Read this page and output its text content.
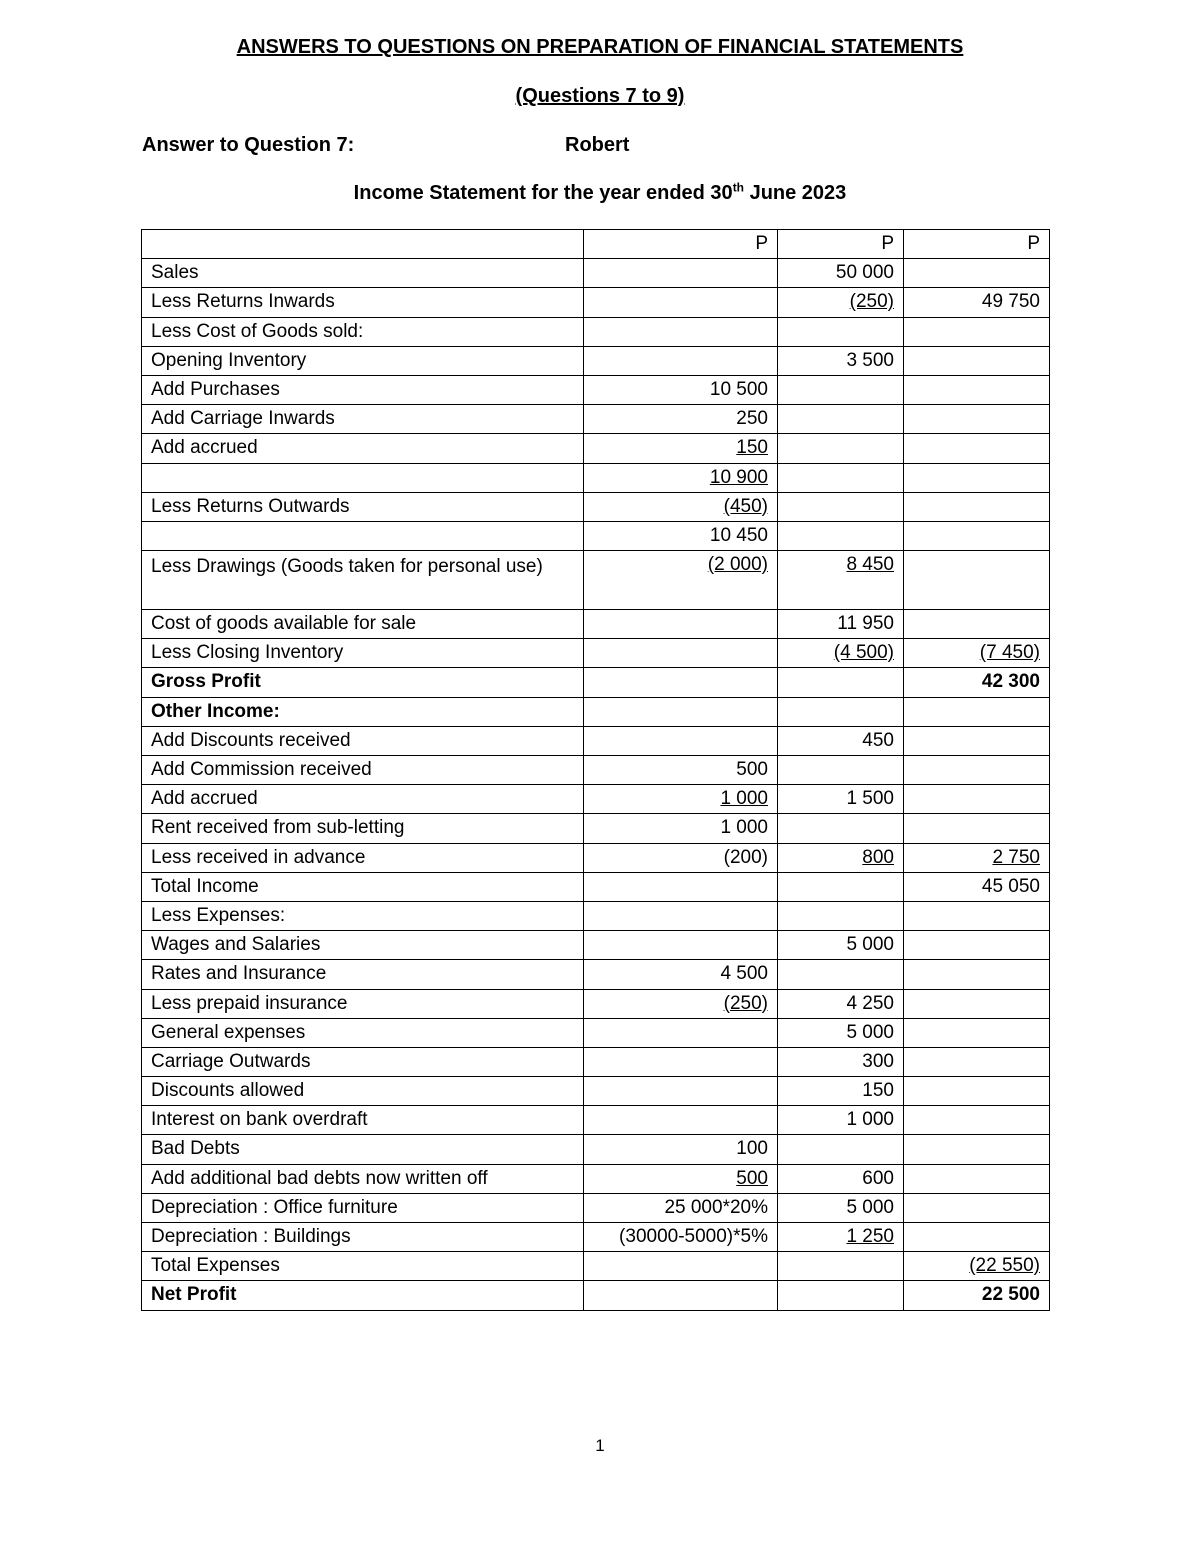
ANSWERS TO QUESTIONS ON PREPARATION OF FINANCIAL STATEMENTS
(Questions 7 to 9)
Answer to Question 7:	Robert
Income Statement for the year ended 30th June 2023
	P	P	P
Sales		50 000	
Less Returns Inwards		(250)	49 750
Less Cost of Goods sold:			
Opening Inventory		3 500	
Add Purchases	10 500		
Add Carriage Inwards	250		
Add accrued	150		
	10 900		
Less Returns Outwards	(450)		
	10 450		
Less Drawings (Goods taken for personal use)	(2 000)	8 450	
Cost of goods available for sale		11 950	
Less Closing Inventory		(4 500)	(7 450)
Gross Profit			42 300
Other Income:			
Add Discounts received		450	
Add Commission received	500		
Add accrued	1 000	1 500	
Rent received from sub-letting	1 000		
Less received in advance	(200)	800	2 750
Total Income			45 050
Less Expenses:			
Wages and Salaries		5 000	
Rates and Insurance	4 500		
Less prepaid insurance	(250)	4 250	
General expenses		5 000	
Carriage Outwards		300	
Discounts allowed		150	
Interest on bank overdraft		1 000	
Bad Debts	100		
Add additional bad debts now written off	500	600	
Depreciation : Office furniture	25 000*20%	5 000	
Depreciation : Buildings	(30000-5000)*5%	1 250	
Total Expenses			(22 550)
Net Profit			22 500
1
